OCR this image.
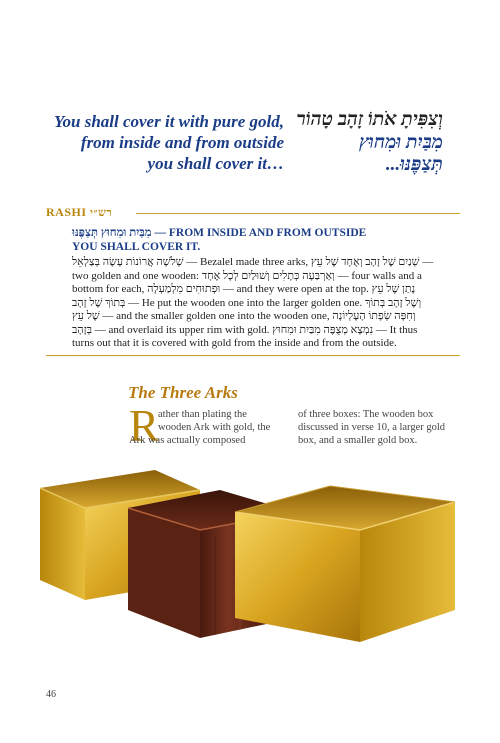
You shall cover it with pure gold,
from inside and from outside
you shall cover it…
וְצִפִּיתָ אֹתוֹ זָהָב טָהוֹר
מִבַּיִת וּמִחוּץ
תְּצַפֶּנּוּ...
RASHI רש״י
מִבַּיִת וּמִחוּץ תְּצַפֶּנּוּ — FROM INSIDE AND FROM OUTSIDE
YOU SHALL COVER IT.
שְׁלֹשָׁה אֲרוֹנוֹת עָשָׂה בְּצַלְאֵל — Bezalel made three arks, שְׁנַיִם שֶׁל זָהָב וְאֶחָד שֶׁל עֵץ —
two golden and one wooden: וְאַרְבַּעָה כְּתָלִים וְשׁוּלַיִם לְכָל אֶחָד — four walls and a
bottom for each, וּפְתוּחִים מִלְמַעְלָה — and they were open at the top. נָתַן שֶׁל עֵץ
בְּתוֹךְ שֶׁל זָהָב — He put the wooden one into the larger golden one. וְשֶׁל זָהָב בְּתוֹךְ
שֶׁל עֵץ — and the smaller golden one into the wooden one, וְחִפָּה שְׂפָתוֹ הָעֶלְיוֹנָה
בְּזָהָב — and overlaid its upper rim with gold. נִמְצָא מְצֻפֶּה מִבַּיִת וּמִחוּץ — It thus
turns out that it is covered with gold from the inside and from the outside.
The Three Arks
R
ather than plating the
wooden Ark with gold, the
Ark was actually composed
of three boxes: The wooden box
discussed in verse 10, a larger gold
box, and a smaller gold box.
46
